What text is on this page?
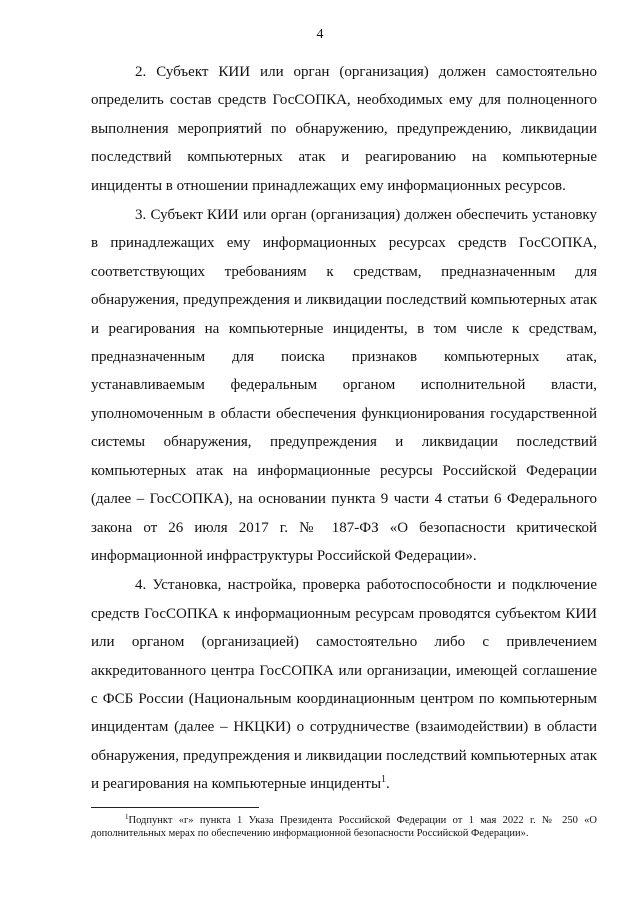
4

2. Субъект КИИ или орган (организация) должен самостоятельно определить состав средств ГосСОПКА, необходимых ему для полноценного выполнения мероприятий по обнаружению, предупреждению, ликвидации последствий компьютерных атак и реагированию на компьютерные инциденты в отношении принадлежащих ему информационных ресурсов.

3. Субъект КИИ или орган (организация) должен обеспечить установку в принадлежащих ему информационных ресурсах средств ГосСОПКА, соответствующих требованиям к средствам, предназначенным для обнаружения, предупреждения и ликвидации последствий компьютерных атак и реагирования на компьютерные инциденты, в том числе к средствам, предназначенным для поиска признаков компьютерных атак, устанавливаемым федеральным органом исполнительной власти, уполномоченным в области обеспечения функционирования государственной системы обнаружения, предупреждения и ликвидации последствий компьютерных атак на информационные ресурсы Российской Федерации (далее – ГосСОПКА), на основании пункта 9 части 4 статьи 6 Федерального закона от 26 июля 2017 г. № 187-ФЗ «О безопасности критической информационной инфраструктуры Российской Федерации».

4. Установка, настройка, проверка работоспособности и подключение средств ГосСОПКА к информационным ресурсам проводятся субъектом КИИ или органом (организацией) самостоятельно либо с привлечением аккредитованного центра ГосСОПКА или организации, имеющей соглашение с ФСБ России (Национальным координационным центром по компьютерным инцидентам (далее – НКЦКИ) о сотрудничестве (взаимодействии) в области обнаружения, предупреждения и ликвидации последствий компьютерных атак и реагирования на компьютерные инциденты$^1$.

$^1$Подпункт «г» пункта 1 Указа Президента Российской Федерации от 1 мая 2022 г. № 250 «О дополнительных мерах по обеспечению информационной безопасности Российской Федерации».
